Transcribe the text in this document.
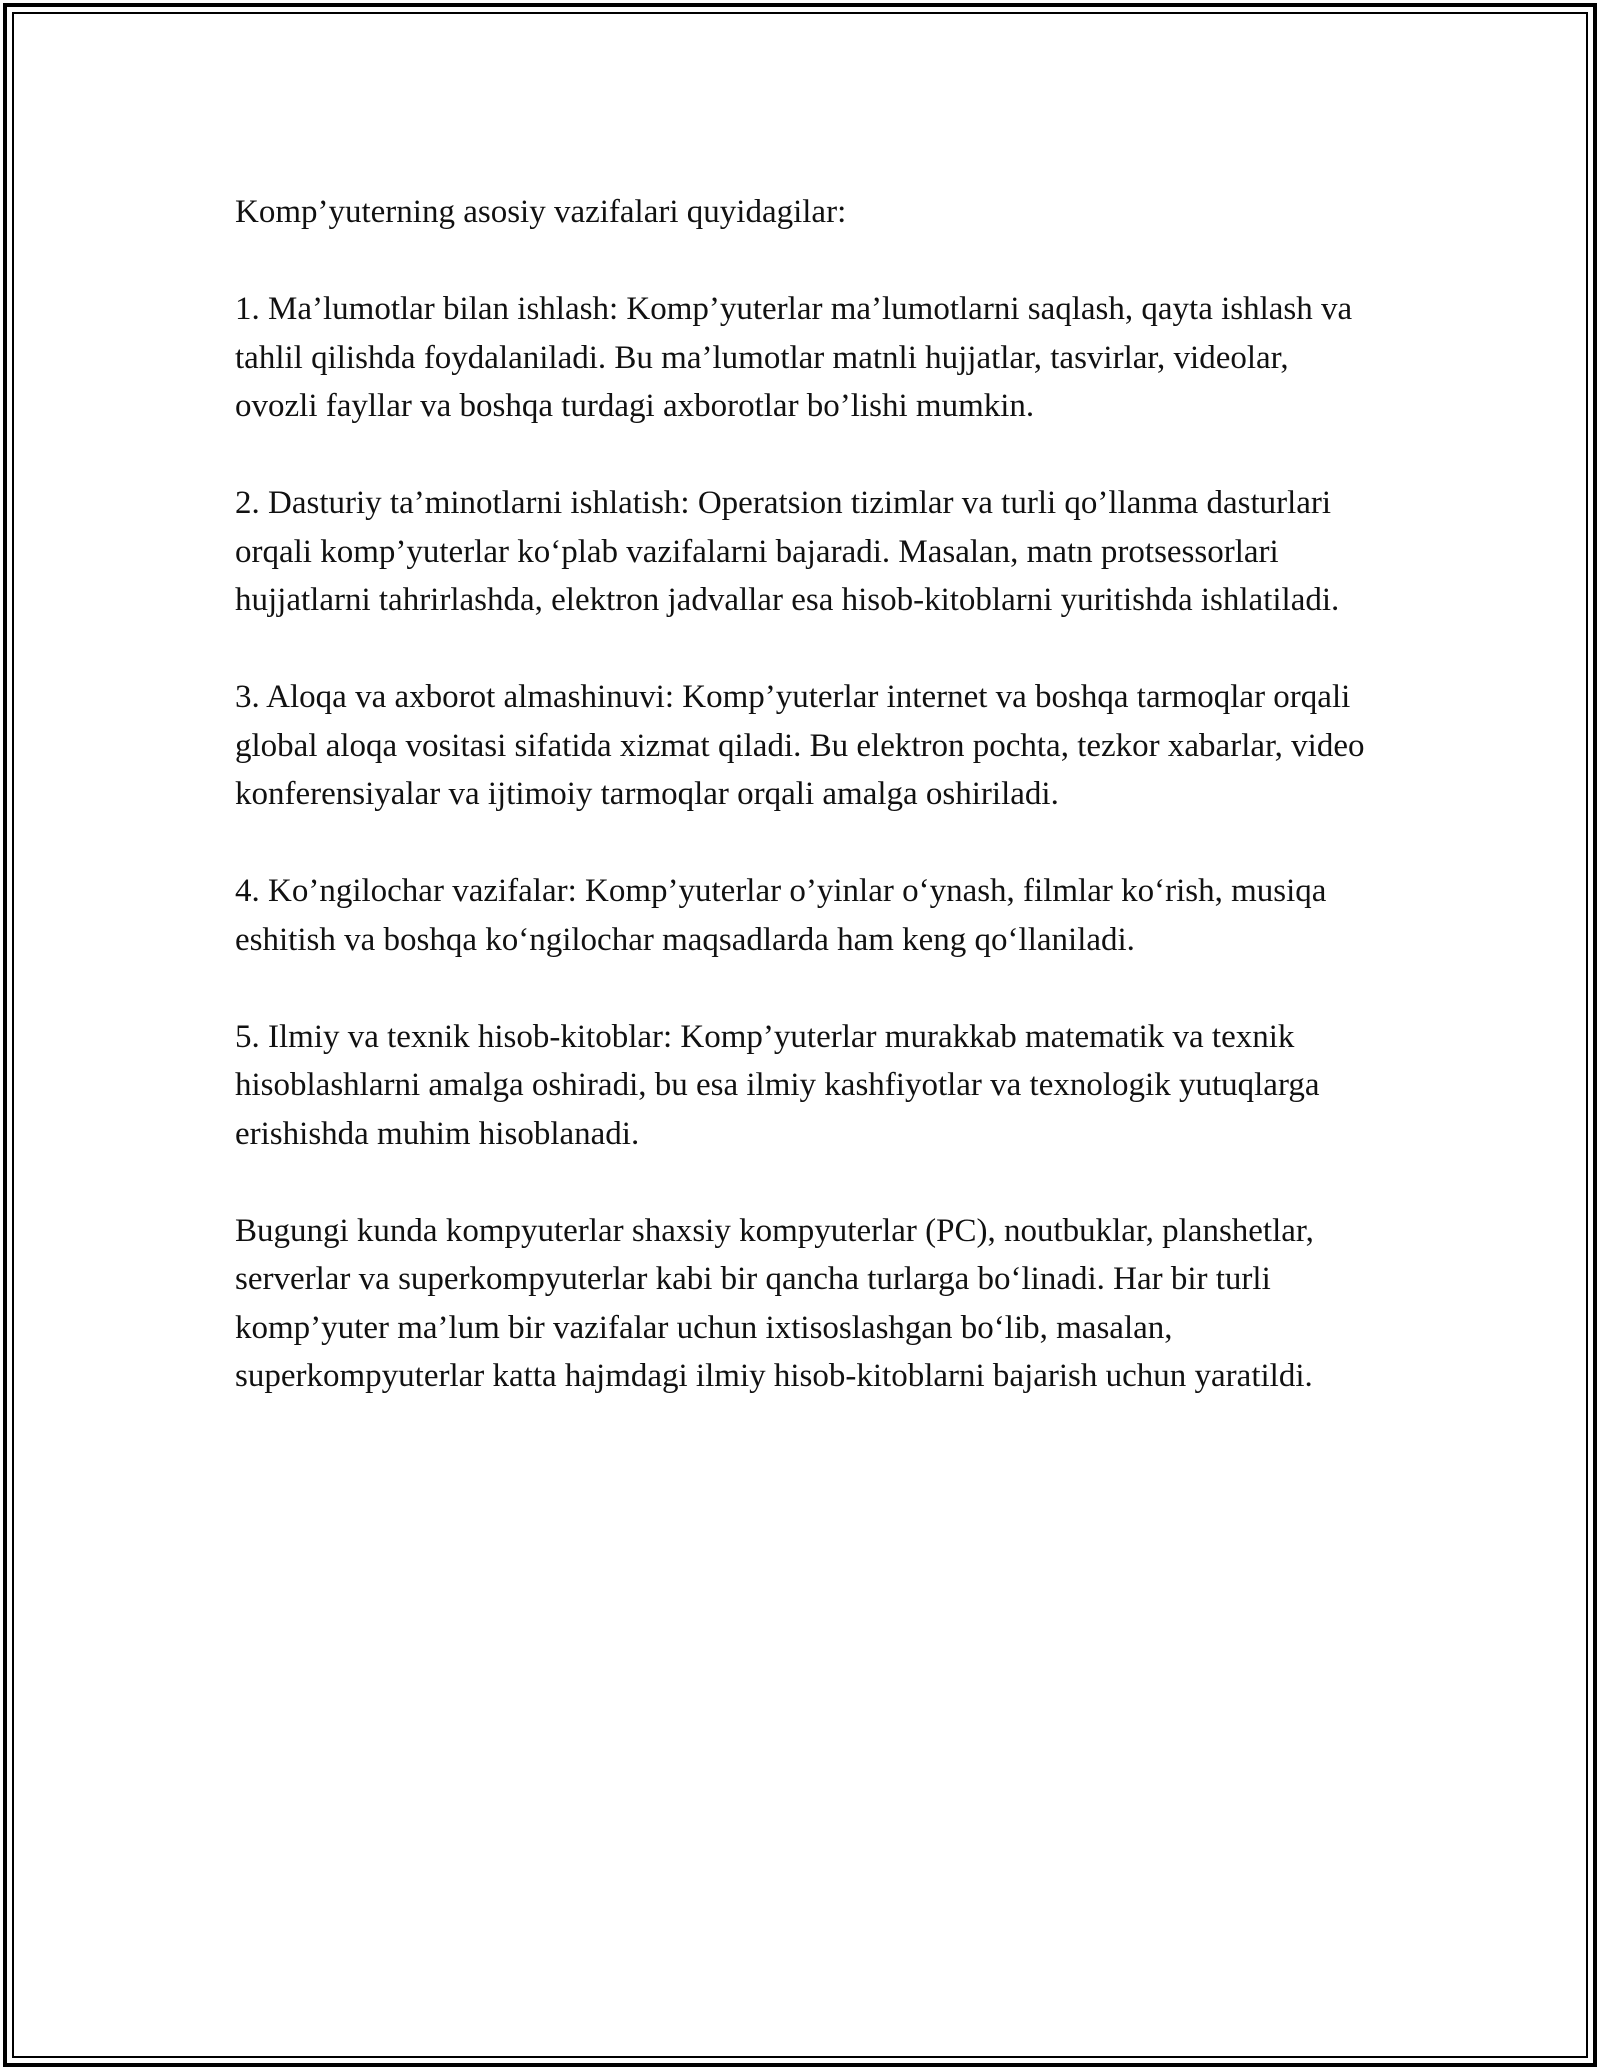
Komp’yuterning asosiy vazifalari quyidagilar:

1. Ma’lumotlar bilan ishlash: Komp’yuterlar ma’lumotlarni saqlash, qayta ishlash va tahlil qilishda foydalaniladi. Bu ma’lumotlar matnli hujjatlar, tasvirlar, videolar, ovozli fayllar va boshqa turdagi axborotlar bo’lishi mumkin.

2. Dasturiy ta’minotlarni ishlatish: Operatsion tizimlar va turli qo’llanma dasturlari orqali komp’yuterlar ko‘plab vazifalarni bajaradi. Masalan, matn protsessorlari hujjatlarni tahrirlashda, elektron jadvallar esa hisob-kitoblarni yuritishda ishlatiladi.

3. Aloqa va axborot almashinuvi: Komp’yuterlar internet va boshqa tarmoqlar orqali global aloqa vositasi sifatida xizmat qiladi. Bu elektron pochta, tezkor xabarlar, video konferensiyalar va ijtimoiy tarmoqlar orqali amalga oshiriladi.

4. Ko’ngilochar vazifalar: Komp’yuterlar o’yinlar o‘ynash, filmlar ko‘rish, musiqa eshitish va boshqa ko‘ngilochar maqsadlarda ham keng qo‘llaniladi.

5. Ilmiy va texnik hisob-kitoblar: Komp’yuterlar murakkab matematik va texnik hisoblashlarni amalga oshiradi, bu esa ilmiy kashfiyotlar va texnologik yutuqlarga erishishda muhim hisoblanadi.

Bugungi kunda kompyuterlar shaxsiy kompyuterlar (PC), noutbuklar, planshetlar, serverlar va superkompyuterlar kabi bir qancha turlarga bo‘linadi. Har bir turli komp’yuter ma’lum bir vazifalar uchun ixtisoslashgan bo‘lib, masalan, superkompyuterlar katta hajmdagi ilmiy hisob-kitoblarni bajarish uchun yaratildi.
